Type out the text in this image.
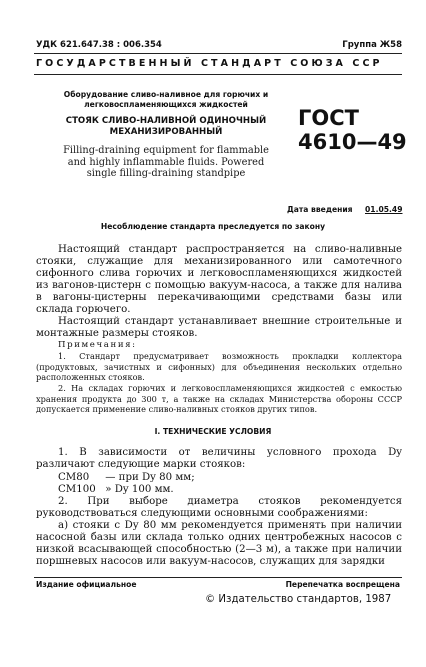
УДК 621.647.38 : 006.354	Группа Ж58
ГОСУДАРСТВЕННЫЙ СТАНДАРТ СОЮЗА ССР
Оборудование сливо-наливное для горючих и легковоспламеняющихся жидкостей
СТОЯК СЛИВО-НАЛИВНОЙ ОДИНОЧНЫЙ МЕХАНИЗИРОВАННЫЙ
Filling-draining equipment for flammable and highly inflammable fluids. Powered single filling-draining standpipe
ГОСТ
4610—49
Дата введения 01.05.49
Несоблюдение стандарта преследуется по закону
Настоящий стандарт распространяется на сливо-наливные стояки, служащие для механизированного или самотечного сифонного слива горючих и легковоспламеняющихся жидкостей из вагонов-цистерн с помощью вакуум-насоса, а также для налива в вагоны-цистерны перекачивающими средствами базы или склада горючего.
Настоящий стандарт устанавливает внешние строительные и монтажные размеры стояков.
Примечания:
1. Стандарт предусматривает возможность прокладки коллектора (продуктовых, зачистных и сифонных) для объединения нескольких отдельно расположенных стояков.
2. На складах горючих и легковоспламеняющихся жидкостей с емкостью хранения продукта до 300 т, а также на складах Министерства обороны СССР допускается применение сливо-наливных стояков других типов.
I. ТЕХНИЧЕСКИЕ УСЛОВИЯ
1. В зависимости от величины условного прохода Dy различают следующие марки стояков:
СМ80 — при Dy 80 мм;
СМ100 » Dy 100 мм.
2. При выборе диаметра стояков рекомендуется руководствоваться следующими основными соображениями:
а) стояки с Dy 80 мм рекомендуется применять при наличии насосной базы или склада только одних центробежных насосов с низкой всасывающей способностью (2—3 м), а также при наличии поршневых насосов или вакуум-насосов, служащих для зарядки
Издание официальное	Перепечатка воспрещена
© Издательство стандартов, 1987
